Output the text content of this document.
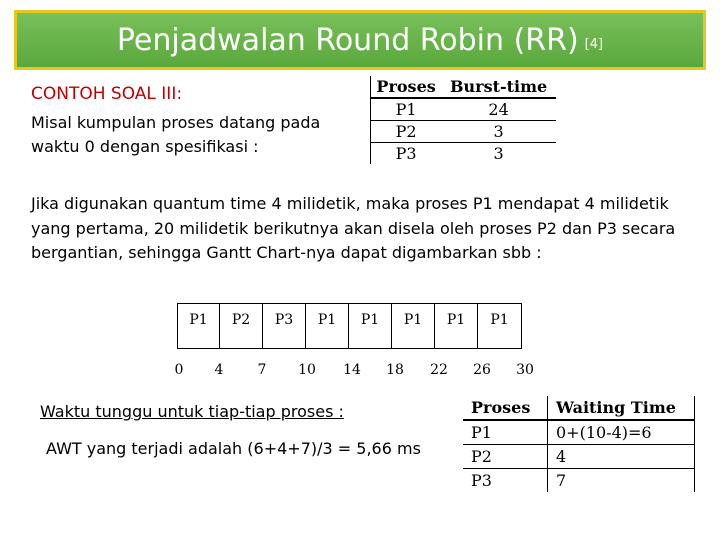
Penjadwalan Round Robin (RR) [4]
CONTOH SOAL III:
Misal kumpulan proses datang pada waktu 0 dengan spesifikasi :
Proses	Burst-time
P1	24
P2	3
P3	3
Jika digunakan quantum time 4 milidetik, maka proses P1 mendapat 4 milidetik yang pertama, 20 milidetik berikutnya akan disela oleh proses P2 dan P3 secara bergantian, sehingga Gantt Chart-nya dapat digambarkan sbb :
P1	P2	P3	P1	P1	P1	P1	P1
0 4 7 10 14 18 22 26 30
Waktu tunggu untuk tiap-tiap proses :
AWT yang terjadi adalah (6+4+7)/3 = 5,66 ms
Proses	Waiting Time
P1	0+(10-4)=6
P2	4
P3	7
